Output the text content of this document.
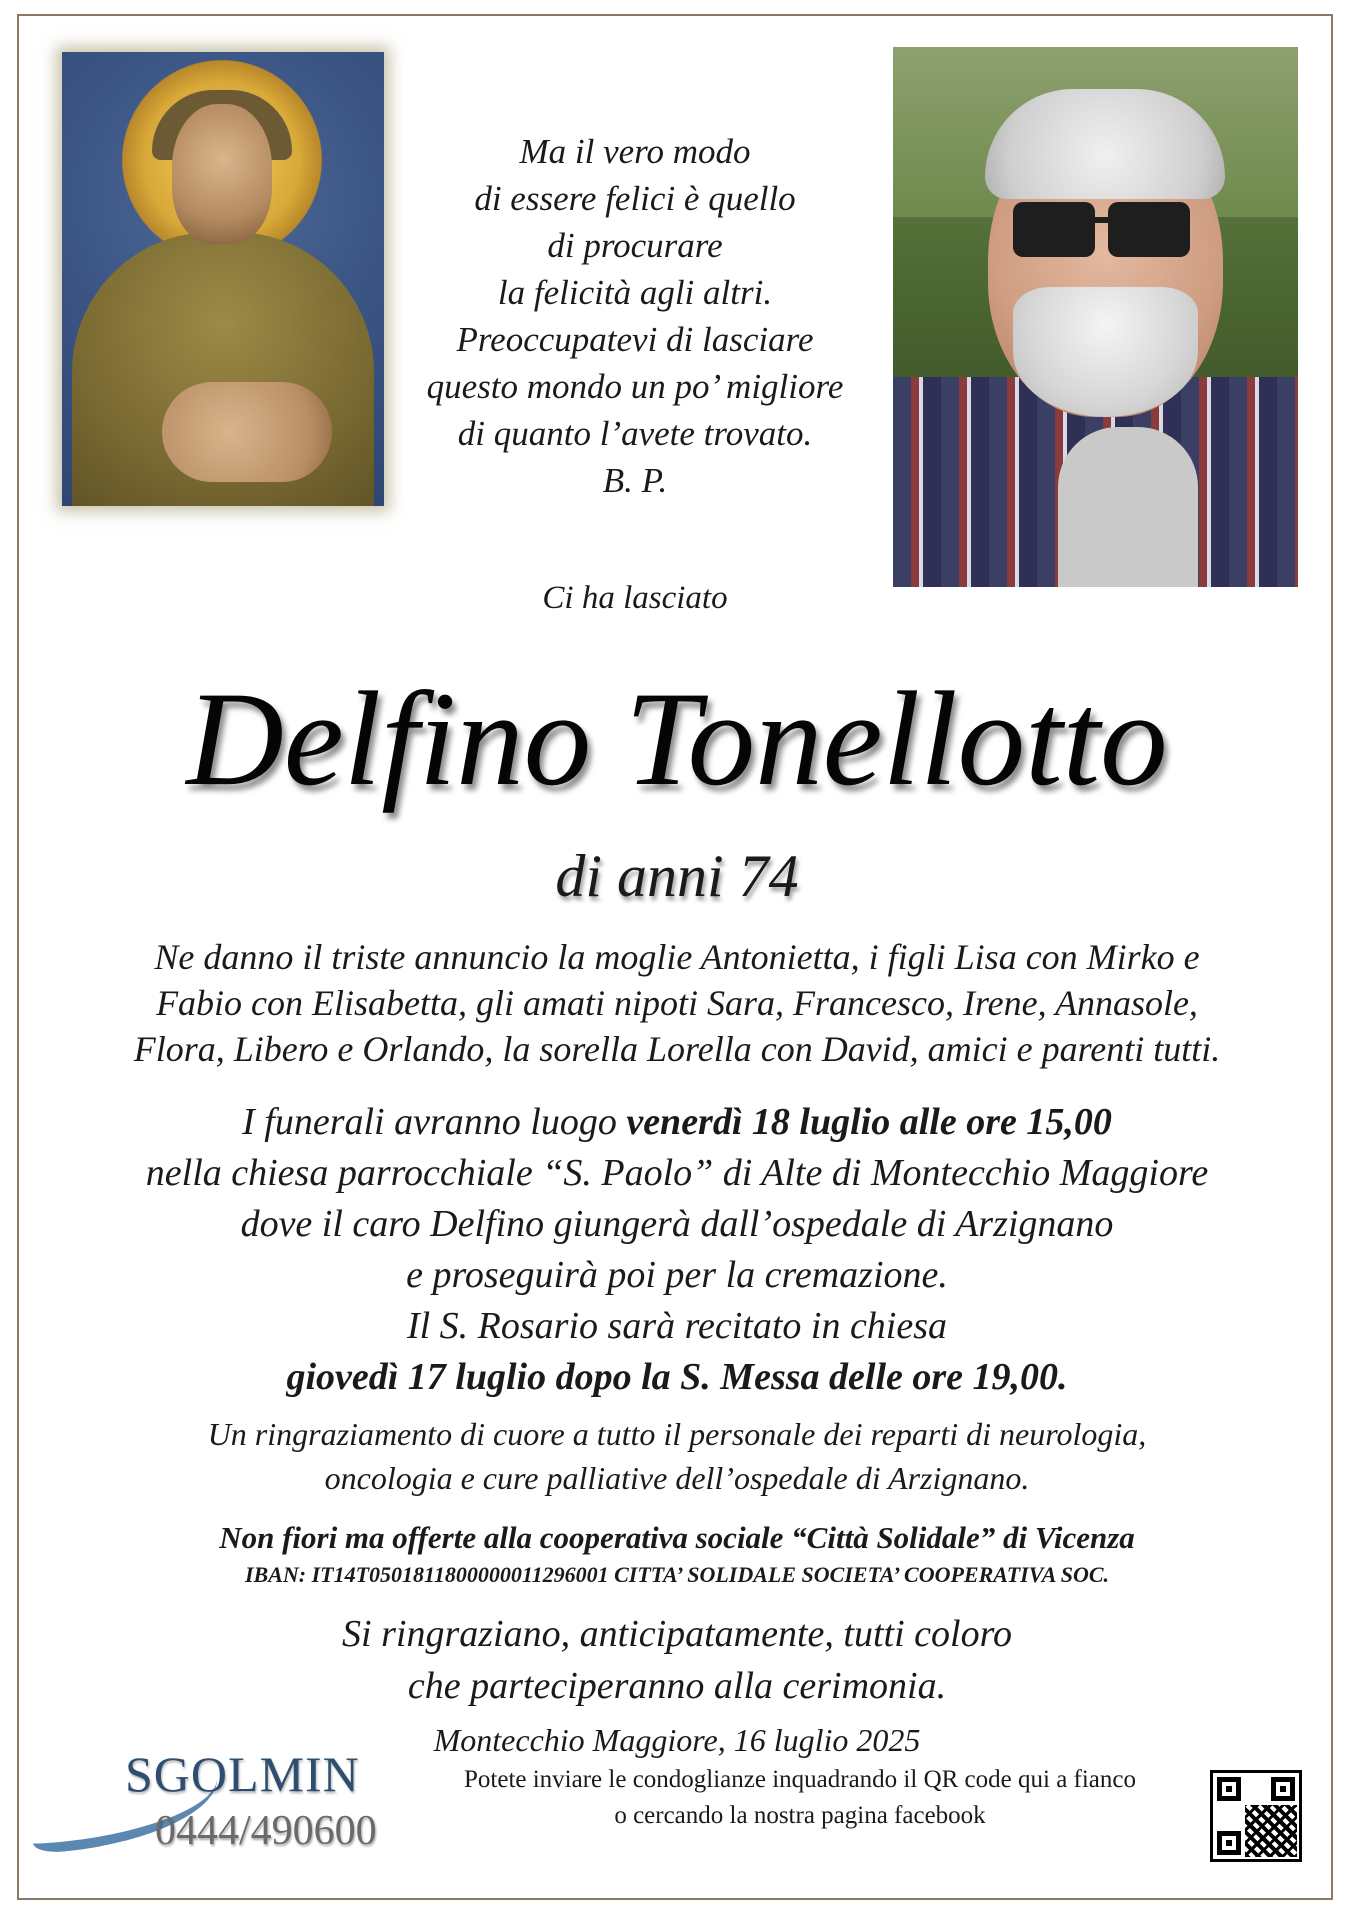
Ma il vero modo
di essere felici è quello
di procurare
la felicità agli altri.
Preoccupatevi di lasciare
questo mondo un po’ migliore
di quanto l’avete trovato.
B. P.
Ci ha lasciato
Delfino Tonellotto
di anni 74
Ne danno il triste annuncio la moglie Antonietta, i figli Lisa con Mirko e
Fabio con Elisabetta, gli amati nipoti Sara, Francesco, Irene, Annasole,
Flora, Libero e Orlando, la sorella Lorella con David, amici e parenti tutti.
I funerali avranno luogo venerdì 18 luglio alle ore 15,00
nella chiesa parrocchiale “S. Paolo” di Alte di Montecchio Maggiore
dove il caro Delfino giungerà dall’ospedale di Arzignano
e proseguirà poi per la cremazione.
Il S. Rosario sarà recitato in chiesa
giovedì 17 luglio dopo la S. Messa delle ore 19,00.
Un ringraziamento di cuore a tutto il personale dei reparti di neurologia,
oncologia e cure palliative dell’ospedale di Arzignano.
Non fiori ma offerte alla cooperativa sociale “Città Solidale” di Vicenza
IBAN: IT14T0501811800000011296001 CITTA’ SOLIDALE SOCIETA’ COOPERATIVA SOC.
Si ringraziano, anticipatamente, tutti coloro
che parteciperanno alla cerimonia.
Montecchio Maggiore, 16 luglio 2025
Potete inviare le condoglianze inquadrando il QR code qui a fianco
o cercando la nostra pagina facebook
SGOLMIN
0444/490600
